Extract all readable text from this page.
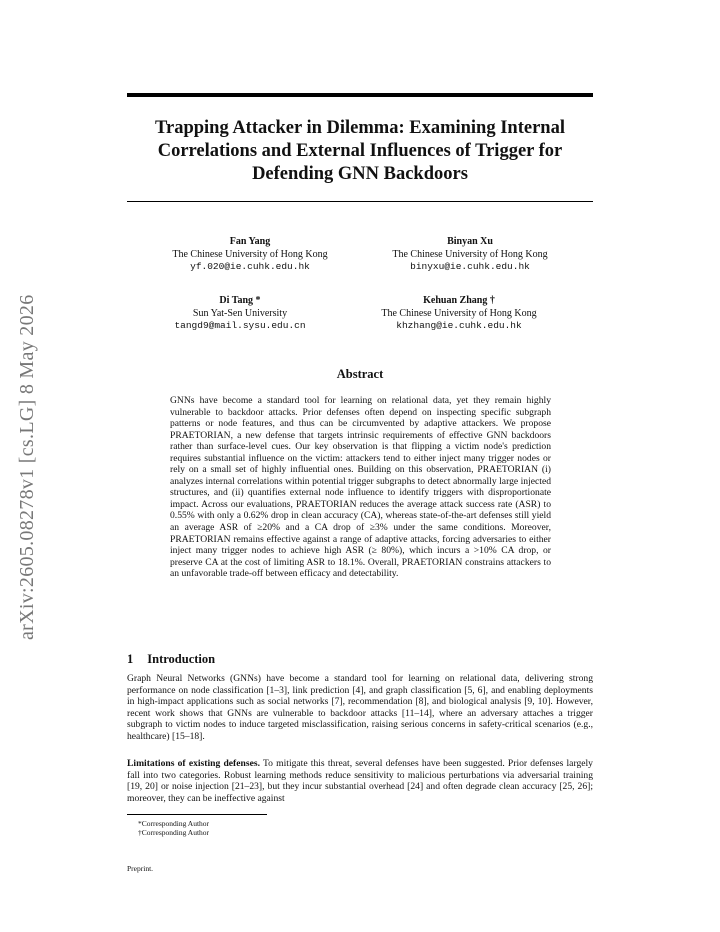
arXiv:2605.08278v1 [cs.LG] 8 May 2026
Trapping Attacker in Dilemma: Examining Internal Correlations and External Influences of Trigger for Defending GNN Backdoors
Fan Yang
The Chinese University of Hong Kong
yf.020@ie.cuhk.edu.hk
Binyan Xu
The Chinese University of Hong Kong
binyxu@ie.cuhk.edu.hk
Di Tang *
Sun Yat-Sen University
tangd9@mail.sysu.edu.cn
Kehuan Zhang †
The Chinese University of Hong Kong
khzhang@ie.cuhk.edu.hk
Abstract
GNNs have become a standard tool for learning on relational data, yet they remain highly vulnerable to backdoor attacks. Prior defenses often depend on inspecting specific subgraph patterns or node features, and thus can be circumvented by adaptive attackers. We propose PRAETORIAN, a new defense that targets intrinsic requirements of effective GNN backdoors rather than surface-level cues. Our key observation is that flipping a victim node's prediction requires substantial influence on the victim: attackers tend to either inject many trigger nodes or rely on a small set of highly influential ones. Building on this observation, PRAETORIAN (i) analyzes internal correlations within potential trigger subgraphs to detect abnormally large injected structures, and (ii) quantifies external node influence to identify triggers with disproportionate impact. Across our evaluations, PRAETORIAN reduces the average attack success rate (ASR) to 0.55% with only a 0.62% drop in clean accuracy (CA), whereas state-of-the-art defenses still yield an average ASR of ≥20% and a CA drop of ≥3% under the same conditions. Moreover, PRAETORIAN remains effective against a range of adaptive attacks, forcing adversaries to either inject many trigger nodes to achieve high ASR (≥ 80%), which incurs a >10% CA drop, or preserve CA at the cost of limiting ASR to 18.1%. Overall, PRAETORIAN constrains attackers to an unfavorable trade-off between efficacy and detectability.
1 Introduction
Graph Neural Networks (GNNs) have become a standard tool for learning on relational data, delivering strong performance on node classification [1–3], link prediction [4], and graph classification [5, 6], and enabling deployments in high-impact applications such as social networks [7], recommendation [8], and biological analysis [9, 10]. However, recent work shows that GNNs are vulnerable to backdoor attacks [11–14], where an adversary attaches a trigger subgraph to victim nodes to induce targeted misclassification, raising serious concerns in safety-critical scenarios (e.g., healthcare) [15–18].
Limitations of existing defenses. To mitigate this threat, several defenses have been suggested. Prior defenses largely fall into two categories. Robust learning methods reduce sensitivity to malicious perturbations via adversarial training [19, 20] or noise injection [21–23], but they incur substantial overhead [24] and often degrade clean accuracy [25, 26]; moreover, they can be ineffective against
*Corresponding Author
†Corresponding Author
Preprint.
